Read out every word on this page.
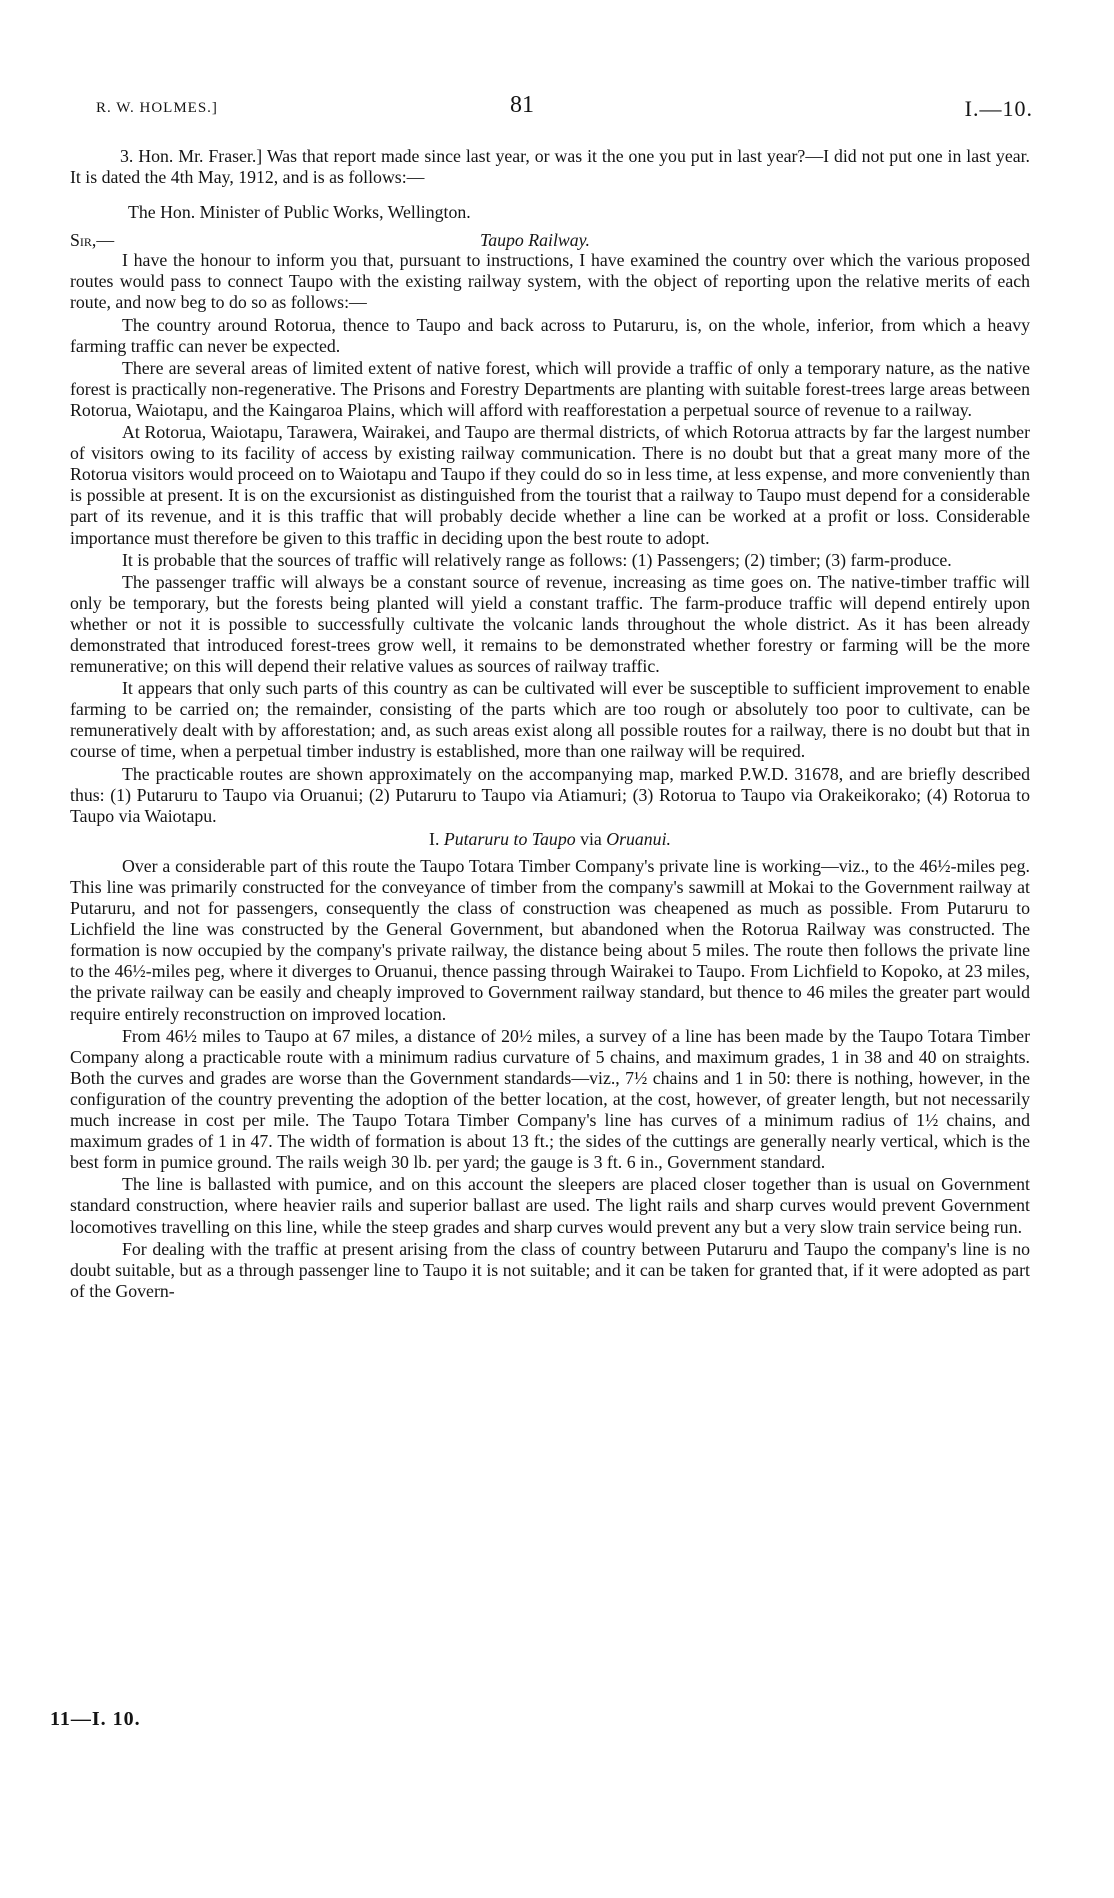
R. W. HOLMES.]	81	I.—10.

3. Hon. Mr. Fraser.] Was that report made since last year, or was it the one you put in last year?—I did not put one in last year. It is dated the 4th May, 1912, and is as follows:—

The Hon. Minister of Public Works, Wellington.

Sir,—	Taupo Railway.

I have the honour to inform you that, pursuant to instructions, I have examined the country over which the various proposed routes would pass to connect Taupo with the existing railway system, with the object of reporting upon the relative merits of each route, and now beg to do so as follows:—

The country around Rotorua, thence to Taupo and back across to Putaruru, is, on the whole, inferior, from which a heavy farming traffic can never be expected.

There are several areas of limited extent of native forest, which will provide a traffic of only a temporary nature, as the native forest is practically non-regenerative. The Prisons and Forestry Departments are planting with suitable forest-trees large areas between Rotorua, Waiotapu, and the Kaingaroa Plains, which will afford with reafforestation a perpetual source of revenue to a railway.

At Rotorua, Waiotapu, Tarawera, Wairakei, and Taupo are thermal districts, of which Rotorua attracts by far the largest number of visitors owing to its facility of access by existing railway communication. There is no doubt but that a great many more of the Rotorua visitors would proceed on to Waiotapu and Taupo if they could do so in less time, at less expense, and more conveniently than is possible at present. It is on the excursionist as distinguished from the tourist that a railway to Taupo must depend for a considerable part of its revenue, and it is this traffic that will probably decide whether a line can be worked at a profit or loss. Considerable importance must therefore be given to this traffic in deciding upon the best route to adopt.

It is probable that the sources of traffic will relatively range as follows: (1) Passengers; (2) timber; (3) farm-produce.

The passenger traffic will always be a constant source of revenue, increasing as time goes on. The native-timber traffic will only be temporary, but the forests being planted will yield a constant traffic. The farm-produce traffic will depend entirely upon whether or not it is possible to successfully cultivate the volcanic lands throughout the whole district. As it has been already demonstrated that introduced forest-trees grow well, it remains to be demonstrated whether forestry or farming will be the more remunerative; on this will depend their relative values as sources of railway traffic.

It appears that only such parts of this country as can be cultivated will ever be susceptible to sufficient improvement to enable farming to be carried on; the remainder, consisting of the parts which are too rough or absolutely too poor to cultivate, can be remuneratively dealt with by afforestation; and, as such areas exist along all possible routes for a railway, there is no doubt but that in course of time, when a perpetual timber industry is established, more than one railway will be required.

The practicable routes are shown approximately on the accompanying map, marked P.W.D. 31678, and are briefly described thus: (1) Putaruru to Taupo via Oruanui; (2) Putaruru to Taupo via Atiamuri; (3) Rotorua to Taupo via Orakeikorako; (4) Rotorua to Taupo via Waiotapu.

I. Putaruru to Taupo via Oruanui.

Over a considerable part of this route the Taupo Totara Timber Company's private line is working—viz., to the 46½-miles peg. This line was primarily constructed for the conveyance of timber from the company's sawmill at Mokai to the Government railway at Putaruru, and not for passengers, consequently the class of construction was cheapened as much as possible. From Putaruru to Lichfield the line was constructed by the General Government, but abandoned when the Rotorua Railway was constructed. The formation is now occupied by the company's private railway, the distance being about 5 miles. The route then follows the private line to the 46½-miles peg, where it diverges to Oruanui, thence passing through Wairakei to Taupo. From Lichfield to Kopoko, at 23 miles, the private railway can be easily and cheaply improved to Government railway standard, but thence to 46 miles the greater part would require entirely reconstruction on improved location.

From 46½ miles to Taupo at 67 miles, a distance of 20½ miles, a survey of a line has been made by the Taupo Totara Timber Company along a practicable route with a minimum radius curvature of 5 chains, and maximum grades, 1 in 38 and 40 on straights. Both the curves and grades are worse than the Government standards—viz., 7½ chains and 1 in 50: there is nothing, however, in the configuration of the country preventing the adoption of the better location, at the cost, however, of greater length, but not necessarily much increase in cost per mile. The Taupo Totara Timber Company's line has curves of a minimum radius of 1½ chains, and maximum grades of 1 in 47. The width of formation is about 13 ft.; the sides of the cuttings are generally nearly vertical, which is the best form in pumice ground. The rails weigh 30 lb. per yard; the gauge is 3 ft. 6 in., Government standard.

The line is ballasted with pumice, and on this account the sleepers are placed closer together than is usual on Government standard construction, where heavier rails and superior ballast are used. The light rails and sharp curves would prevent Government locomotives travelling on this line, while the steep grades and sharp curves would prevent any but a very slow train service being run.

For dealing with the traffic at present arising from the class of country between Putaruru and Taupo the company's line is no doubt suitable, but as a through passenger line to Taupo it is not suitable; and it can be taken for granted that, if it were adopted as part of the Govern-

11—I. 10.
